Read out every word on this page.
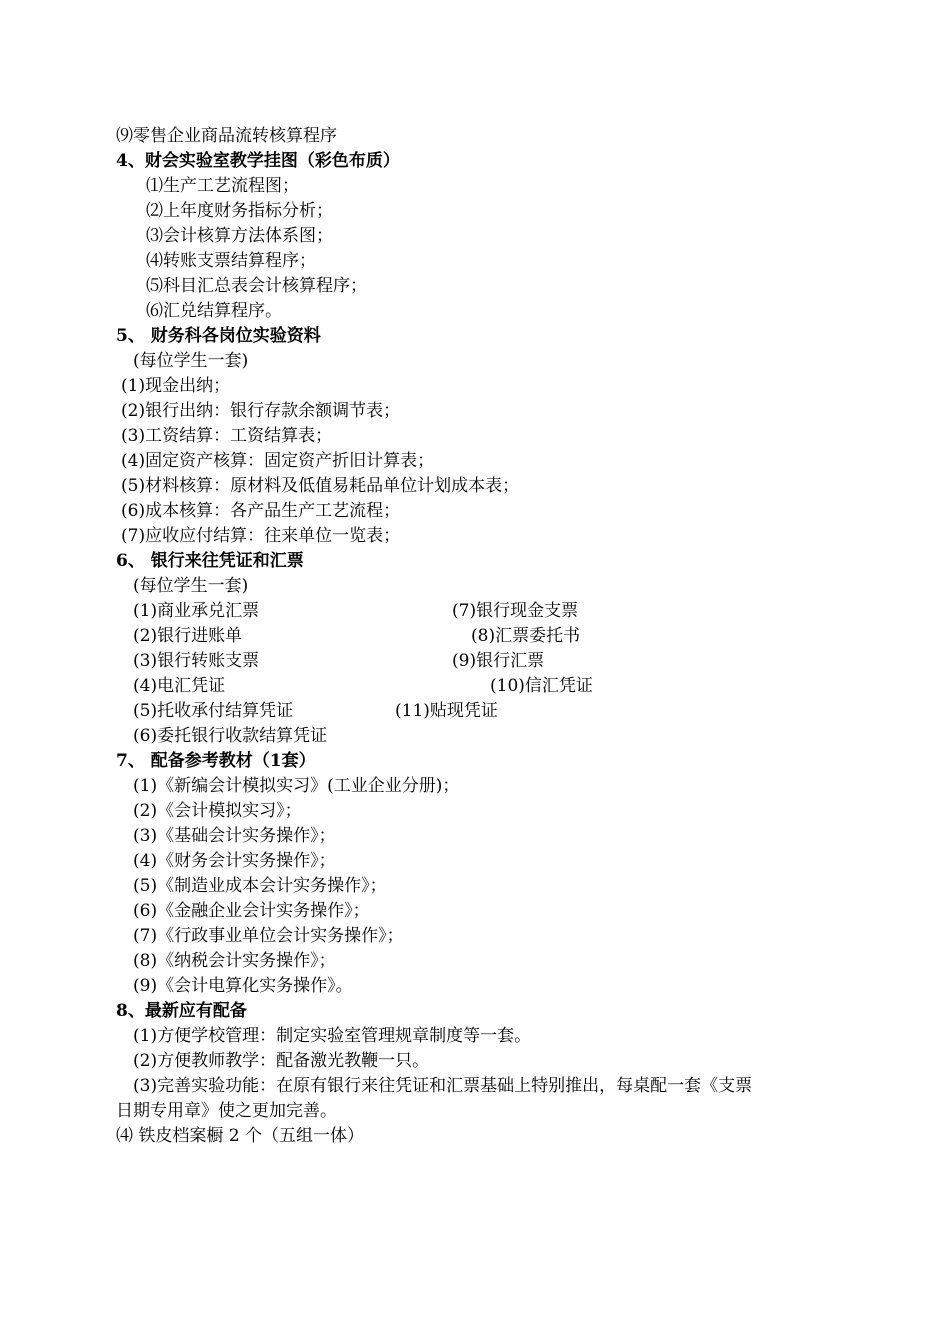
⑼零售企业商品流转核算程序
4、财会实验室教学挂图（彩色布质）
⑴生产工艺流程图；
⑵上年度财务指标分析；
⑶会计核算方法体系图；
⑷转账支票结算程序；
⑸科目汇总表会计核算程序；
⑹汇兑结算程序。
5、 财务科各岗位实验资料
(每位学生一套)
(1)现金出纳；
(2)银行出纳：银行存款余额调节表；
(3)工资结算：工资结算表；
(4)固定资产核算：固定资产折旧计算表；
(5)材料核算：原材料及低值易耗品单位计划成本表；
(6)成本核算：各产品生产工艺流程；
(7)应收应付结算：往来单位一览表；
6、 银行来往凭证和汇票
(每位学生一套)
(1)商业承兑汇票	(7)银行现金支票
(2)银行进账单	(8)汇票委托书
(3)银行转账支票	(9)银行汇票
(4)电汇凭证	(10)信汇凭证
(5)托收承付结算凭证	(11)贴现凭证
(6)委托银行收款结算凭证
7、 配备参考教材（1套）
(1)《新编会计模拟实习》(工业企业分册)；
(2)《会计模拟实习》；
(3)《基础会计实务操作》；
(4)《财务会计实务操作》；
(5)《制造业成本会计实务操作》；
(6)《金融企业会计实务操作》；
(7)《行政事业单位会计实务操作》；
(8)《纳税会计实务操作》；
(9)《会计电算化实务操作》。
8、最新应有配备
(1)方便学校管理：制定实验室管理规章制度等一套。
(2)方便教师教学：配备激光教鞭一只。
(3)完善实验功能：在原有银行来往凭证和汇票基础上特别推出，每桌配一套《支票
日期专用章》使之更加完善。
⑷ 铁皮档案橱 2 个（五组一体）
